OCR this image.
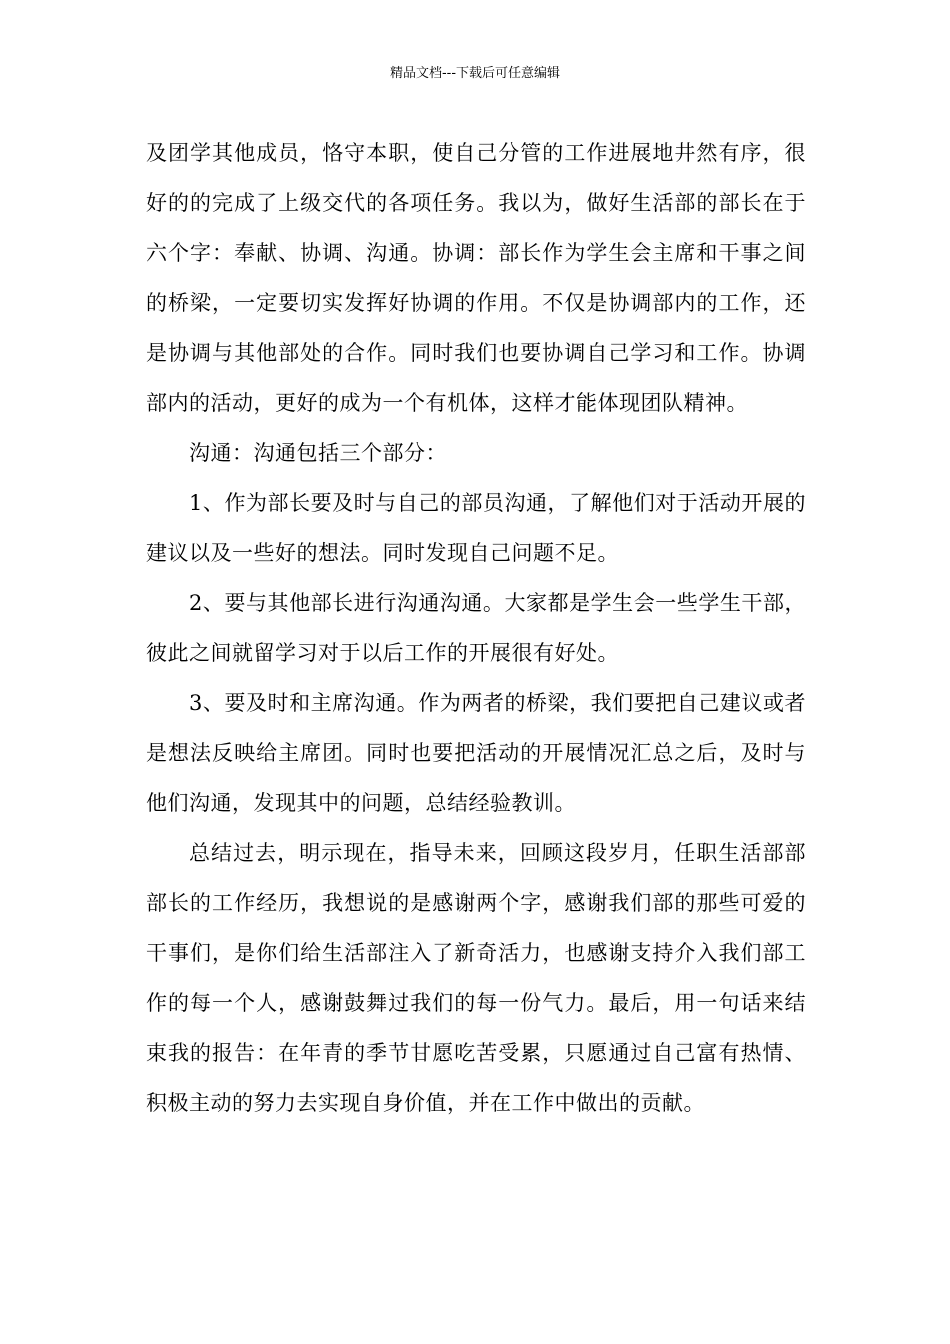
精品文档---下载后可任意编辑

及团学其他成员，恪守本职，使自己分管的工作进展地井然有序，很好的的完成了上级交代的各项任务。我以为，做好生活部的部长在于六个字：奉献、协调、沟通。协调：部长作为学生会主席和干事之间的桥梁，一定要切实发挥好协调的作用。不仅是协调部内的工作，还是协调与其他部处的合作。同时我们也要协调自己学习和工作。协调部内的活动，更好的成为一个有机体，这样才能体现团队精神。

沟通：沟通包括三个部分：

1、作为部长要及时与自己的部员沟通，了解他们对于活动开展的建议以及一些好的想法。同时发现自己问题不足。

2、要与其他部长进行沟通沟通。大家都是学生会一些学生干部，彼此之间就留学习对于以后工作的开展很有好处。

3、要及时和主席沟通。作为两者的桥梁，我们要把自己建议或者是想法反映给主席团。同时也要把活动的开展情况汇总之后，及时与他们沟通，发现其中的问题，总结经验教训。

总结过去，明示现在，指导未来，回顾这段岁月，任职生活部部部长的工作经历，我想说的是感谢两个字，感谢我们部的那些可爱的干事们，是你们给生活部注入了新奇活力，也感谢支持介入我们部工作的每一个人，感谢鼓舞过我们的每一份气力。最后，用一句话来结束我的报告：在年青的季节甘愿吃苦受累，只愿通过自己富有热情、积极主动的努力去实现自身价值，并在工作中做出的贡献。
